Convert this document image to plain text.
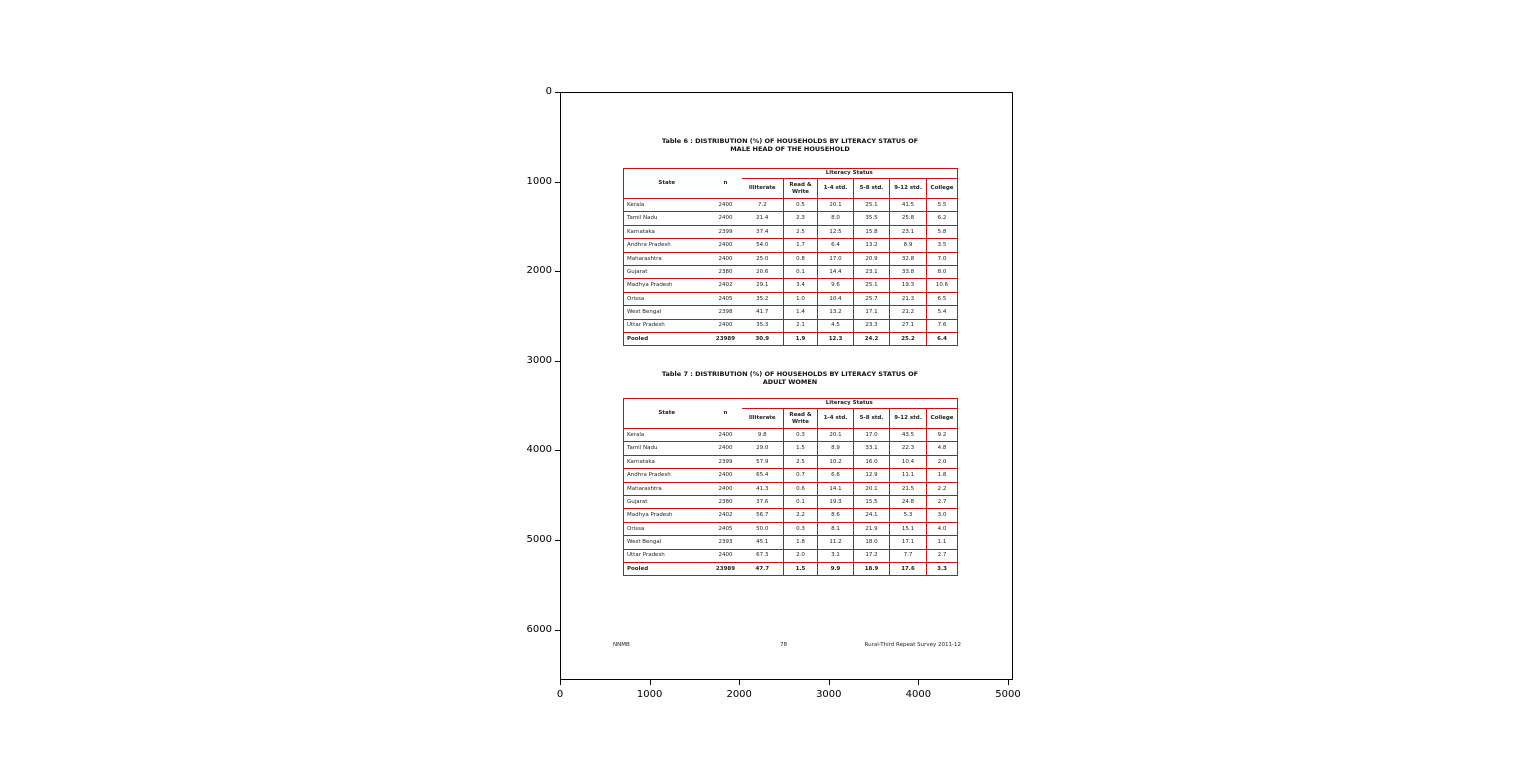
Table 6 : DISTRIBUTION (%) OF HOUSEHOLDS BY LITERACY STATUS OF
MALE HEAD OF THE HOUSEHOLD
State	n	Literacy Status					
		Illiterate	Read & Write	1-4 std.	5-8 std.	9-12 std.	College
Kerala	2400	7.2	0.5	20.1	25.1	41.5	5.5
Tamil Nadu	2400	21.4	2.3	8.0	35.5	25.8	6.2
Karnataka	2399	37.4	2.5	12.5	15.8	23.1	5.8
Andhra Pradesh	2400	54.0	1.7	6.4	13.2	8.9	3.5
Maharashtra	2400	25.0	0.8	17.0	20.9	32.8	7.0
Gujarat	2380	20.6	0.1	14.4	23.1	33.8	8.0
Madhya Pradesh	2402	29.1	3.4	9.6	25.1	19.3	10.6
Orissa	2405	35.2	1.0	10.4	25.7	21.3	6.5
West Bengal	2398	41.7	1.4	13.2	17.1	21.2	5.4
Uttar Pradesh	2400	35.3	2.1	4.5	23.3	27.1	7.6
Pooled	23989	30.9	1.9	12.3	24.2	25.2	6.4
Table 7 : DISTRIBUTION (%) OF HOUSEHOLDS BY LITERACY STATUS OF
ADULT WOMEN
State	n	Literacy Status					
		Illiterate	Read & Write	1-4 std.	5-8 std.	9-12 std.	College
Kerala	2400	9.8	0.3	20.1	17.0	43.5	9.2
Tamil Nadu	2400	29.0	1.5	8.9	33.1	22.3	4.8
Karnataka	2399	57.9	2.5	10.2	16.0	10.4	2.0
Andhra Pradesh	2400	65.4	0.7	6.6	12.9	11.1	1.8
Maharashtra	2400	41.3	0.6	14.1	20.1	21.5	2.2
Gujarat	2380	37.6	0.1	19.3	15.5	24.8	2.7
Madhya Pradesh	2402	56.7	2.2	8.6	24.1	5.3	3.0
Orissa	2405	50.0	0.3	8.1	21.9	15.1	4.0
West Bengal	2393	45.1	1.8	11.2	18.0	17.1	1.1
Uttar Pradesh	2400	67.3	2.0	3.1	17.2	7.7	2.7
Pooled	23989	47.7	1.5	9.9	18.9	17.6	3.3
NNMB	78	Rural-Third Repeat Survey 2011-12
0
1000
2000
3000
4000
5000
6000
0	1000	2000	3000	4000	5000
